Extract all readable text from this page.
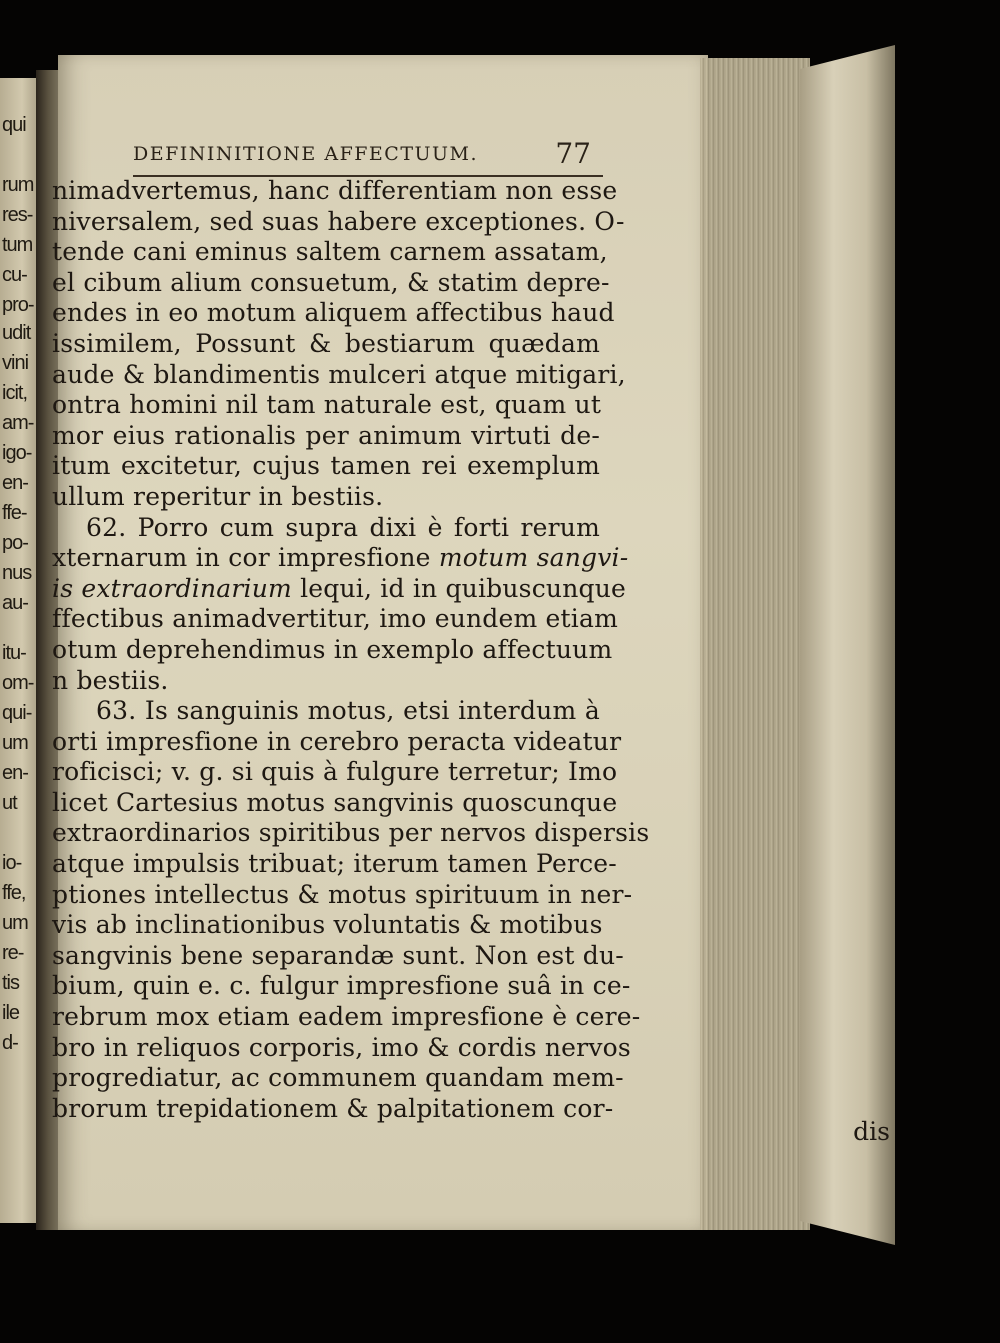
qui
rum
res-
tum
cu-
pro-
udit
vini
icit,
am-
igo-
en-
ffe-
po-
nus
au-
itu-
om-
qui-
um
en-
ut
io-
ffe,
um
re-
tis
ile
d-
DEFININITIONE AFFECTUUM.	77
nimadvertemus, hanc differentiam non esse
niversalem, sed suas habere exceptiones. O-
tende cani eminus saltem carnem assatam,
el cibum alium consuetum, & statim depre-
endes in eo motum aliquem affectibus haud
issimilem, Possunt & bestiarum quædam
aude & blandimentis mulceri atque mitigari,
ontra homini nil tam naturale est, quam ut
mor eius rationalis per animum virtuti de-
itum excitetur, cujus tamen rei exemplum
ullum reperitur in bestiis.
62. Porro cum supra dixi è forti rerum
xternarum in cor impresfione motum sangvi-
is extraordinarium lequi, id in quibuscunque
ffectibus animadvertitur, imo eundem etiam
otum deprehendimus in exemplo affectuum
n bestiis.
63. Is sanguinis motus, etsi interdum à
orti impresfione in cerebro peracta videatur
roficisci; v. g. si quis à fulgure terretur; Imo
licet Cartesius motus sangvinis quoscunque
extraordinarios spiritibus per nervos dispersis
atque impulsis tribuat; iterum tamen Perce-
ptiones intellectus & motus spirituum in ner-
vis ab inclinationibus voluntatis & motibus
sangvinis bene separandæ sunt. Non est du-
bium, quin e. c. fulgur impresfione suâ in ce-
rebrum mox etiam eadem impresfione è cere-
bro in reliquos corporis, imo & cordis nervos
progrediatur, ac communem quandam mem-
brorum trepidationem & palpitationem cor-
dis
